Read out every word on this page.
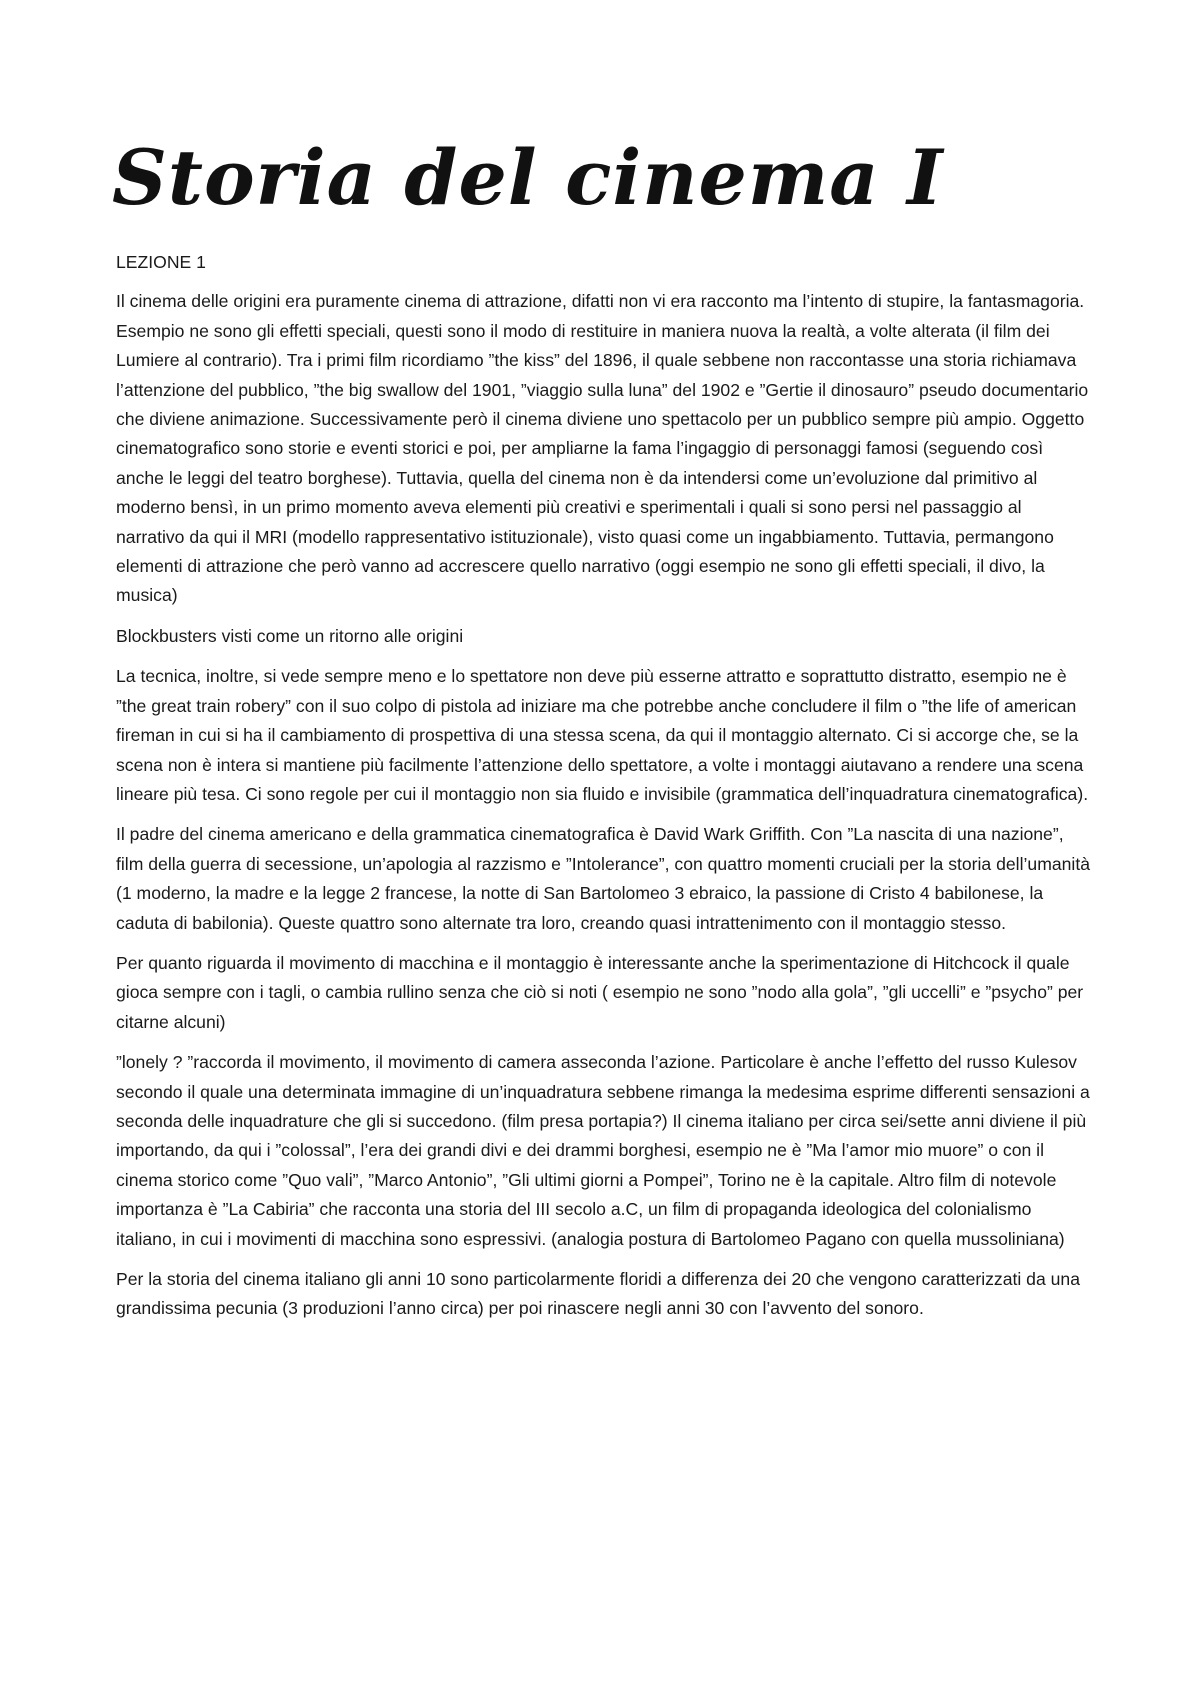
Storia del cinema I

LEZIONE 1

Il cinema delle origini era puramente cinema di attrazione, difatti non vi era racconto ma l’intento di stupire, la fantasmagoria. Esempio ne sono gli effetti speciali, questi sono il modo di restituire in maniera nuova la realtà, a volte alterata (il film dei Lumiere al contrario). Tra i primi film ricordiamo ”the kiss” del 1896, il quale sebbene non raccontasse una storia richiamava l’attenzione del pubblico, ”the big swallow del 1901, ”viaggio sulla luna” del 1902 e ”Gertie il dinosauro” pseudo documentario che diviene animazione. Successivamente però il cinema diviene uno spettacolo per un pubblico sempre più ampio. Oggetto cinematografico sono storie e eventi storici e poi, per ampliarne la fama l’ingaggio di personaggi famosi (seguendo così anche le leggi del teatro borghese). Tuttavia, quella del cinema non è da intendersi come un’evoluzione dal primitivo al moderno bensì, in un primo momento aveva elementi più creativi e sperimentali i quali si sono persi nel passaggio al narrativo da qui il MRI (modello rappresentativo istituzionale), visto quasi come un ingabbiamento. Tuttavia, permangono elementi di attrazione che però vanno ad accrescere quello narrativo (oggi esempio ne sono gli effetti speciali, il divo, la musica)

Blockbusters visti come un ritorno alle origini

La tecnica, inoltre, si vede sempre meno e lo spettatore non deve più esserne attratto e soprattutto distratto, esempio ne è ”the great train robery” con il suo colpo di pistola ad iniziare ma che potrebbe anche concludere il film o ”the life of american fireman in cui si ha il cambiamento di prospettiva di una stessa scena, da qui il montaggio alternato. Ci si accorge che, se la scena non è intera si mantiene più facilmente l’attenzione dello spettatore, a volte i montaggi aiutavano a rendere una scena lineare più tesa. Ci sono regole per cui il montaggio non sia fluido e invisibile (grammatica dell’inquadratura cinematografica).

Il padre del cinema americano e della grammatica cinematografica è David Wark Griffith. Con ”La nascita di una nazione”, film della guerra di secessione, un’apologia al razzismo e ”Intolerance”, con quattro momenti cruciali per la storia dell’umanità (1 moderno, la madre e la legge 2 francese, la notte di San Bartolomeo 3 ebraico, la passione di Cristo 4 babilonese, la caduta di babilonia). Queste quattro sono alternate tra loro, creando quasi intrattenimento con il montaggio stesso.

Per quanto riguarda il movimento di macchina e il montaggio è interessante anche la sperimentazione di Hitchcock il quale gioca sempre con i tagli, o cambia rullino senza che ciò si noti ( esempio ne sono ”nodo alla gola”, ”gli uccelli” e ”psycho” per citarne alcuni)

”lonely ? ”raccorda il movimento, il movimento di camera asseconda l’azione. Particolare è anche l’effetto del russo Kulesov secondo il quale una determinata immagine di un’inquadratura sebbene rimanga la medesima esprime differenti sensazioni a seconda delle inquadrature che gli si succedono. (film presa portapia?) Il cinema italiano per circa sei/sette anni diviene il più importando, da qui i ”colossal”, l’era dei grandi divi e dei drammi borghesi, esempio ne è ”Ma l’amor mio muore” o con il cinema storico come ”Quo vali”, ”Marco Antonio”, ”Gli ultimi giorni a Pompei”, Torino ne è la capitale. Altro film di notevole importanza è ”La Cabiria” che racconta una storia del III secolo a.C, un film di propaganda ideologica del colonialismo italiano, in cui i movimenti di macchina sono espressivi. (analogia postura di Bartolomeo Pagano con quella mussoliniana)

Per la storia del cinema italiano gli anni 10 sono particolarmente floridi a differenza dei 20 che vengono caratterizzati da una grandissima pecunia (3 produzioni l’anno circa) per poi rinascere negli anni 30 con l’avvento del sonoro.
